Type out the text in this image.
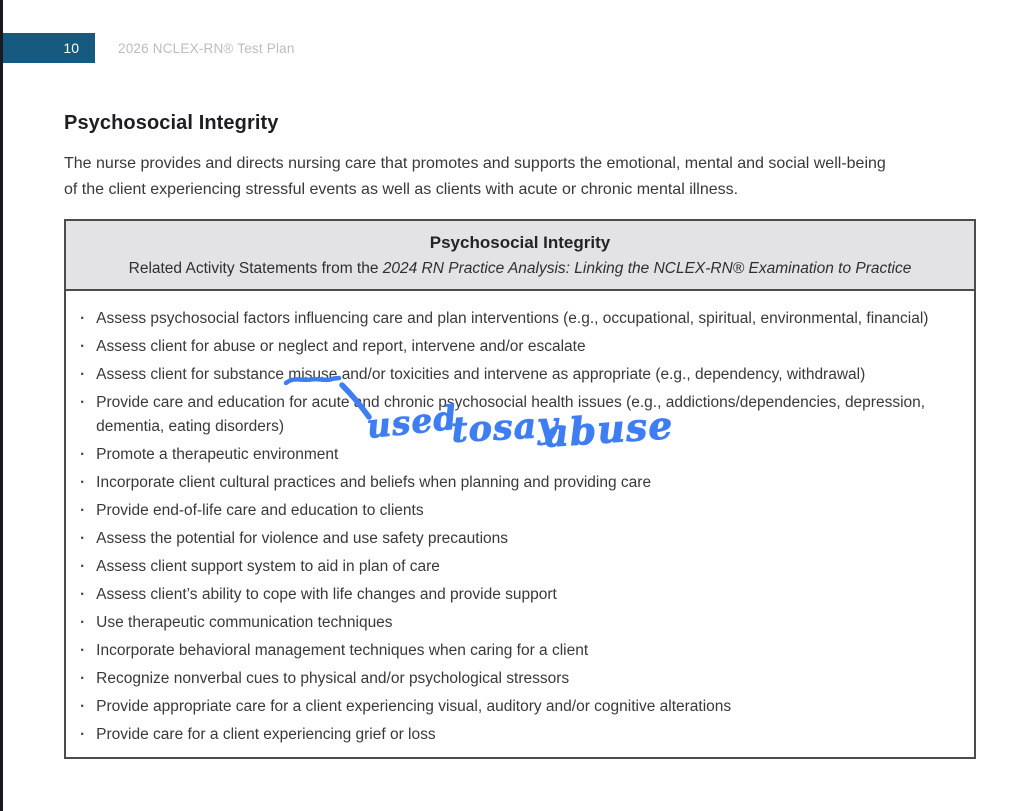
10	2026 NCLEX-RN® Test Plan
Psychosocial Integrity

The nurse provides and directs nursing care that promotes and supports the emotional, mental and social well-being
of the client experiencing stressful events as well as clients with acute or chronic mental illness.

Psychosocial Integrity

Related Activity Statements from the 2024 RN Practice Analysis: Linking the NCLEX-RN® Examination to Practice

· Assess psychosocial factors influencing care and plan interventions (e.g., occupational, spiritual, environmental, financial)
· Assess client for abuse or neglect and report, intervene and/or escalate
· Assess client for substance misuse and/or toxicities and intervene as appropriate (e.g., dependency, withdrawal)
· Provide care and education for acute and chronic psychosocial health issues (e.g., addictions/dependencies, depression, dementia, eating disorders)
· Promote a therapeutic environment
· Incorporate client cultural practices and beliefs when planning and providing care
· Provide end-of-life care and education to clients
· Assess the potential for violence and use safety precautions
· Assess client support system to aid in plan of care
· Assess client’s ability to cope with life changes and provide support
· Use therapeutic communication techniques
· Incorporate behavioral management techniques when caring for a client
· Recognize nonverbal cues to physical and/or psychological stressors
· Provide appropriate care for a client experiencing visual, auditory and/or cognitive alterations
· Provide care for a client experiencing grief or loss
used
tosay
abuse
